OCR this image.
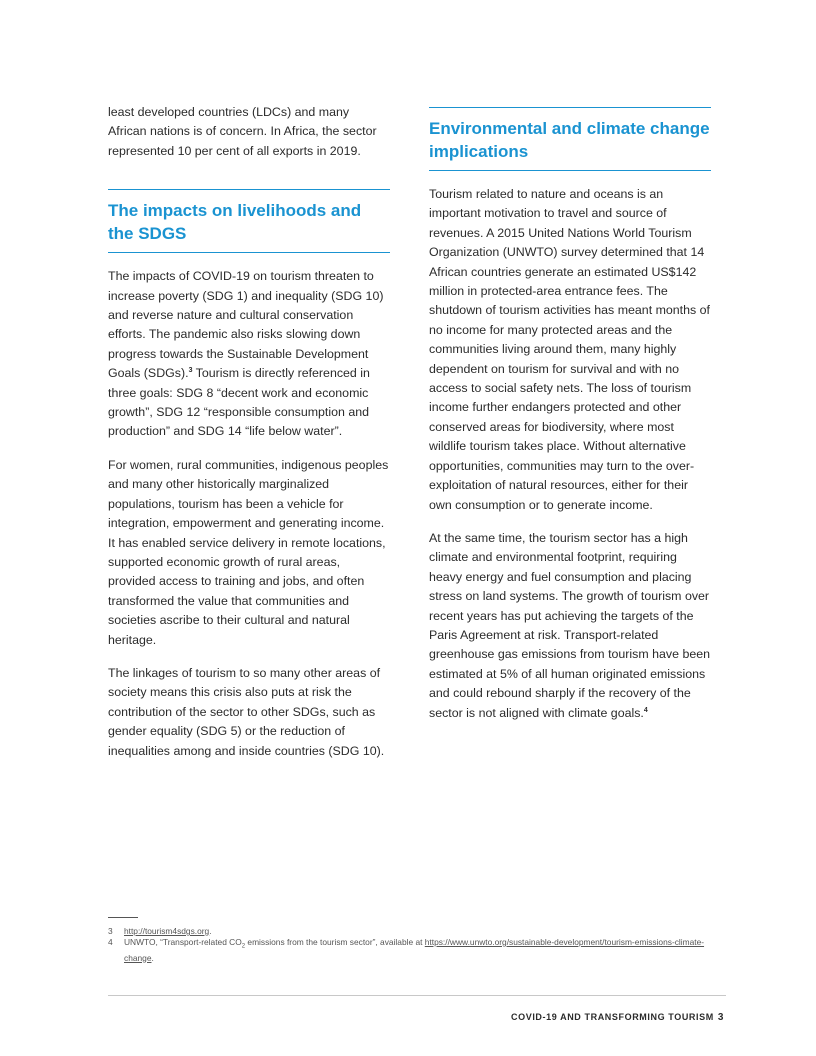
least developed countries (LDCs) and many African nations is of concern. In Africa, the sector represented 10 per cent of all exports in 2019.

The impacts on livelihoods and the SDGS

The impacts of COVID-19 on tourism threaten to increase poverty (SDG 1) and inequality (SDG 10) and reverse nature and cultural conservation efforts. The pandemic also risks slowing down progress towards the Sustainable Development Goals (SDGs).$^3$ Tourism is directly referenced in three goals: SDG 8 “decent work and economic growth”, SDG 12 “responsible consumption and production” and SDG 14 “life below water”.

For women, rural communities, indigenous peoples and many other historically marginalized populations, tourism has been a vehicle for integration, empowerment and generating income. It has enabled service delivery in remote locations, supported economic growth of rural areas, provided access to training and jobs, and often transformed the value that communities and societies ascribe to their cultural and natural heritage.

The linkages of tourism to so many other areas of society means this crisis also puts at risk the contribution of the sector to other SDGs, such as gender equality (SDG 5) or the reduction of inequalities among and inside countries (SDG 10).

Environmental and climate change implications

Tourism related to nature and oceans is an important motivation to travel and source of revenues. A 2015 United Nations World Tourism Organization (UNWTO) survey determined that 14 African countries generate an estimated US$142 million in protected-area entrance fees. The shutdown of tourism activities has meant months of no income for many protected areas and the communities living around them, many highly dependent on tourism for survival and with no access to social safety nets. The loss of tourism income further endangers protected and other conserved areas for biodiversity, where most wildlife tourism takes place. Without alternative opportunities, communities may turn to the over-exploitation of natural resources, either for their own consumption or to generate income.

At the same time, the tourism sector has a high climate and environmental footprint, requiring heavy energy and fuel consumption and placing stress on land systems. The growth of tourism over recent years has put achieving the targets of the Paris Agreement at risk. Transport-related greenhouse gas emissions from tourism have been estimated at 5% of all human originated emissions and could rebound sharply if the recovery of the sector is not aligned with climate goals.$^4$

3	http://tourism4sdgs.org.
4	UNWTO, “Transport-related $CO_2$ emissions from the tourism sector”, available at https://www.unwto.org/sustainable-development/tourism-emissions-climate-change.
COVID-19 AND TRANSFORMING TOURISM 3
